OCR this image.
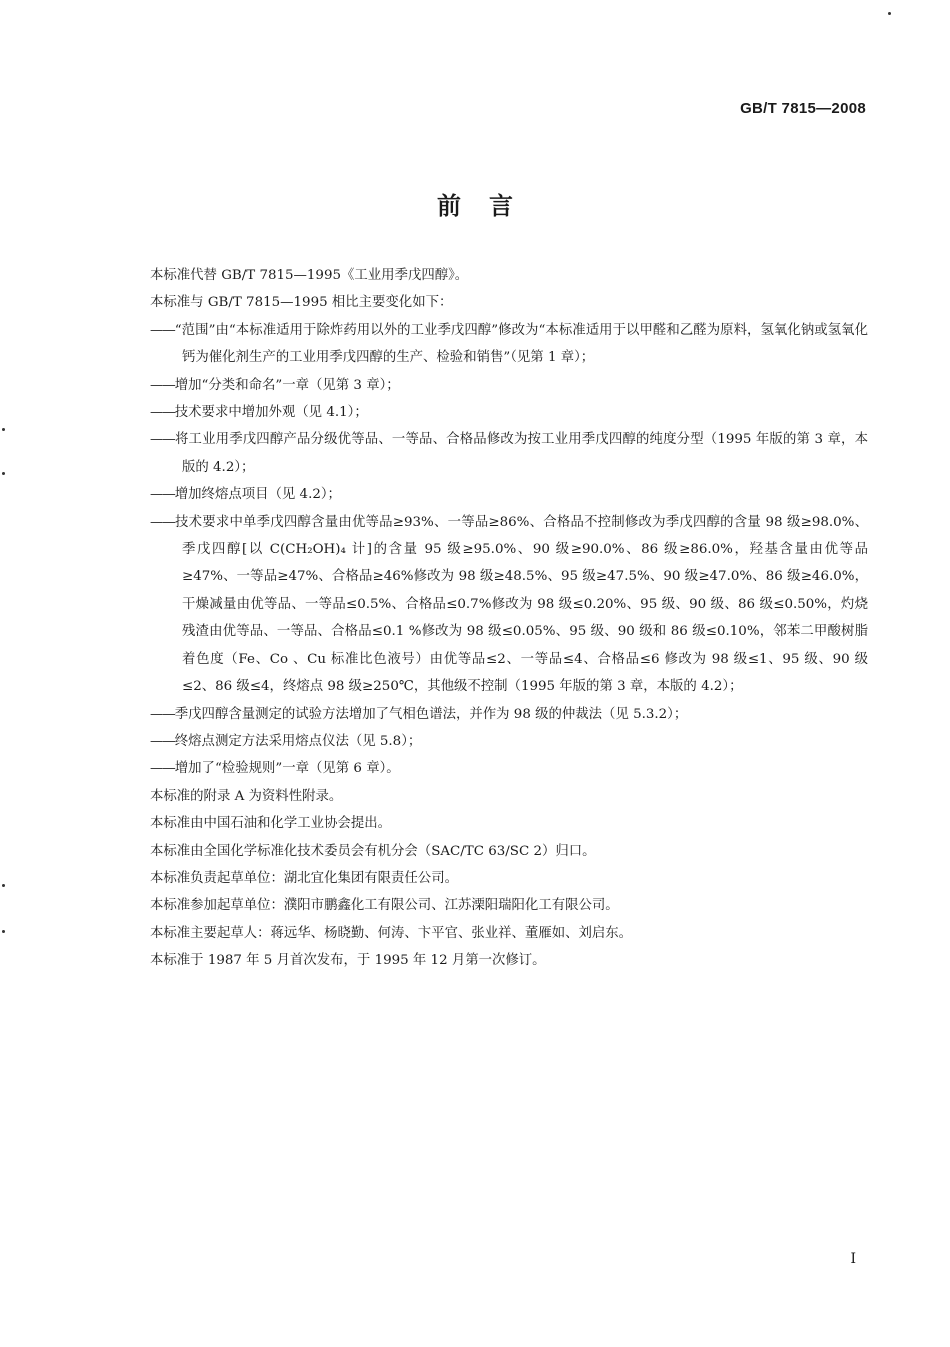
GB/T 7815—2008
前言

本标准代替 GB/T 7815—1995《工业用季戊四醇》。

本标准与 GB/T 7815—1995 相比主要变化如下：

——“范围”由“本标准适用于除炸药用以外的工业季戊四醇”修改为“本标准适用于以甲醛和乙醛为原料，氢氧化钠或氢氧化钙为催化剂生产的工业用季戊四醇的生产、检验和销售”（见第 1 章）；
——增加“分类和命名”一章（见第 3 章）；
——技术要求中增加外观（见 4.1）；
——将工业用季戊四醇产品分级优等品、一等品、合格品修改为按工业用季戊四醇的纯度分型（1995 年版的第 3 章，本版的 4.2）；
——增加终熔点项目（见 4.2）；
——技术要求中单季戊四醇含量由优等品≥93%、一等品≥86%、合格品不控制修改为季戊四醇的含量 98 级≥98.0%、季戊四醇[以 C(CH₂OH)₄ 计]的含量 95 级≥95.0%、90 级≥90.0%、86 级≥86.0%，羟基含量由优等品≥47%、一等品≥47%、合格品≥46%修改为 98 级≥48.5%、95 级≥47.5%、90 级≥47.0%、86 级≥46.0%，干燥减量由优等品、一等品≤0.5%、合格品≤0.7%修改为 98 级≤0.20%、95 级、90 级、86 级≤0.50%，灼烧残渣由优等品、一等品、合格品≤0.1 %修改为 98 级≤0.05%、95 级、90 级和 86 级≤0.10%，邻苯二甲酸树脂着色度（Fe、Co 、Cu 标准比色液号）由优等品≤2、一等品≤4、合格品≤6 修改为 98 级≤1、95 级、90 级≤2、86 级≤4，终熔点 98 级≥250℃，其他级不控制（1995 年版的第 3 章，本版的 4.2）；
——季戊四醇含量测定的试验方法增加了气相色谱法，并作为 98 级的仲裁法（见 5.3.2）；
——终熔点测定方法采用熔点仪法（见 5.8）；
——增加了“检验规则”一章（见第 6 章）。

本标准的附录 A 为资料性附录。

本标准由中国石油和化学工业协会提出。

本标准由全国化学标准化技术委员会有机分会（SAC/TC 63/SC 2）归口。

本标准负责起草单位：湖北宜化集团有限责任公司。

本标准参加起草单位：濮阳市鹏鑫化工有限公司、江苏溧阳瑞阳化工有限公司。

本标准主要起草人：蒋远华、杨晓勤、何涛、卞平官、张业祥、董雁如、刘启东。

本标准于 1987 年 5 月首次发布，于 1995 年 12 月第一次修订。

I
